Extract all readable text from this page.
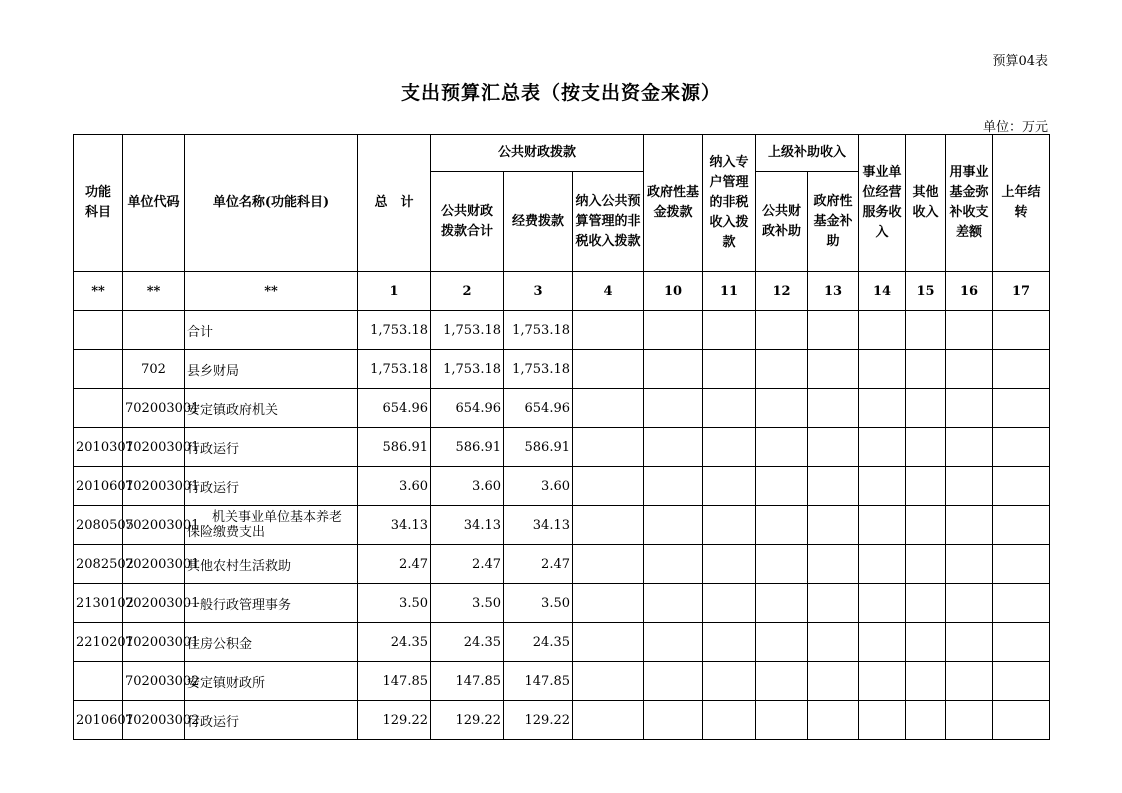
预算04表
支出预算汇总表（按支出资金来源）
单位：万元
功能科目	单位代码	单位名称(功能科目)	总　计	公共财政拨款			政府性基金拨款	纳入专户管理的非税收入拨款	上级补助收入		事业单位经营服务收入	其他收入	用事业基金弥补收支差额	上年结转
				公共财政拨款合计	经费拨款	纳入公共预算管理的非税收入拨款			公共财政补助	政府性基金补助				
**	**	**	1	2	3	4	10	11	12	13	14	15	16	17
		合计	1,753.18	1,753.18	1,753.18									
	702	县乡财局	1,753.18	1,753.18	1,753.18									
	702003001	安定镇政府机关	654.96	654.96	654.96									
2010301	702003001	行政运行	586.91	586.91	586.91									
2010601	702003001	行政运行	3.60	3.60	3.60									
2080505	702003001	机关事业单位基本养老
保险缴费支出	34.13	34.13	34.13									
2082502	702003001	其他农村生活救助	2.47	2.47	2.47									
2130102	702003001	一般行政管理事务	3.50	3.50	3.50									
2210201	702003001	住房公积金	24.35	24.35	24.35									
	702003002	安定镇财政所	147.85	147.85	147.85									
2010601	702003002	行政运行	129.22	129.22	129.22									
